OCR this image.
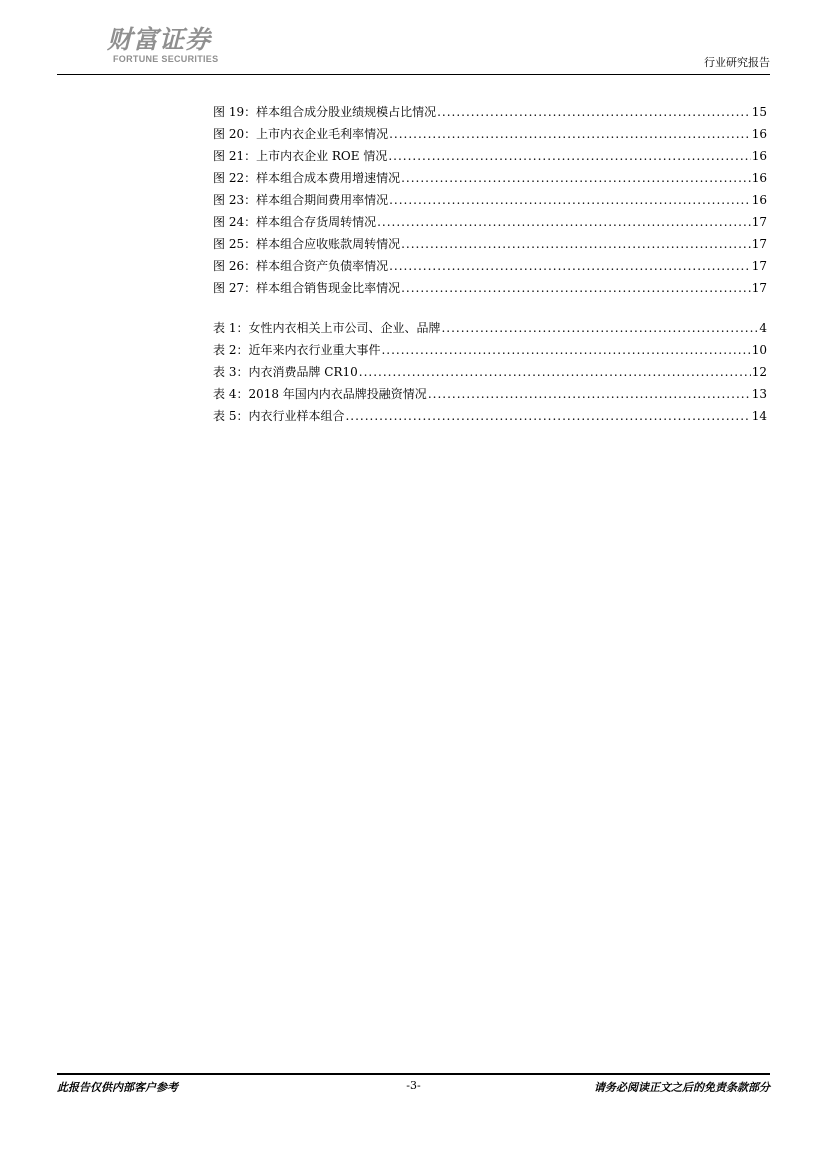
财富证券
FORTUNE SECURITIES	行业研究报告
图 19：样本组合成分股业绩规模占比情况 .....	15
图 20：上市内衣企业毛利率情况 .....	16
图 21：上市内衣企业 ROE 情况 .....	16
图 22：样本组合成本费用增速情况 .....	16
图 23：样本组合期间费用率情况 .....	16
图 24：样本组合存货周转情况 .....	17
图 25：样本组合应收账款周转情况 .....	17
图 26：样本组合资产负债率情况 .....	17
图 27：样本组合销售现金比率情况 .....	17
表 1：女性内衣相关上市公司、企业、品牌 .....	4
表 2：近年来内衣行业重大事件 .....	10
表 3：内衣消费品牌 CR10 .....	12
表 4：2018 年国内内衣品牌投融资情况 .....	13
表 5：内衣行业样本组合 .....	14
此报告仅供内部客户参考	-3-	请务必阅读正文之后的免责条款部分
